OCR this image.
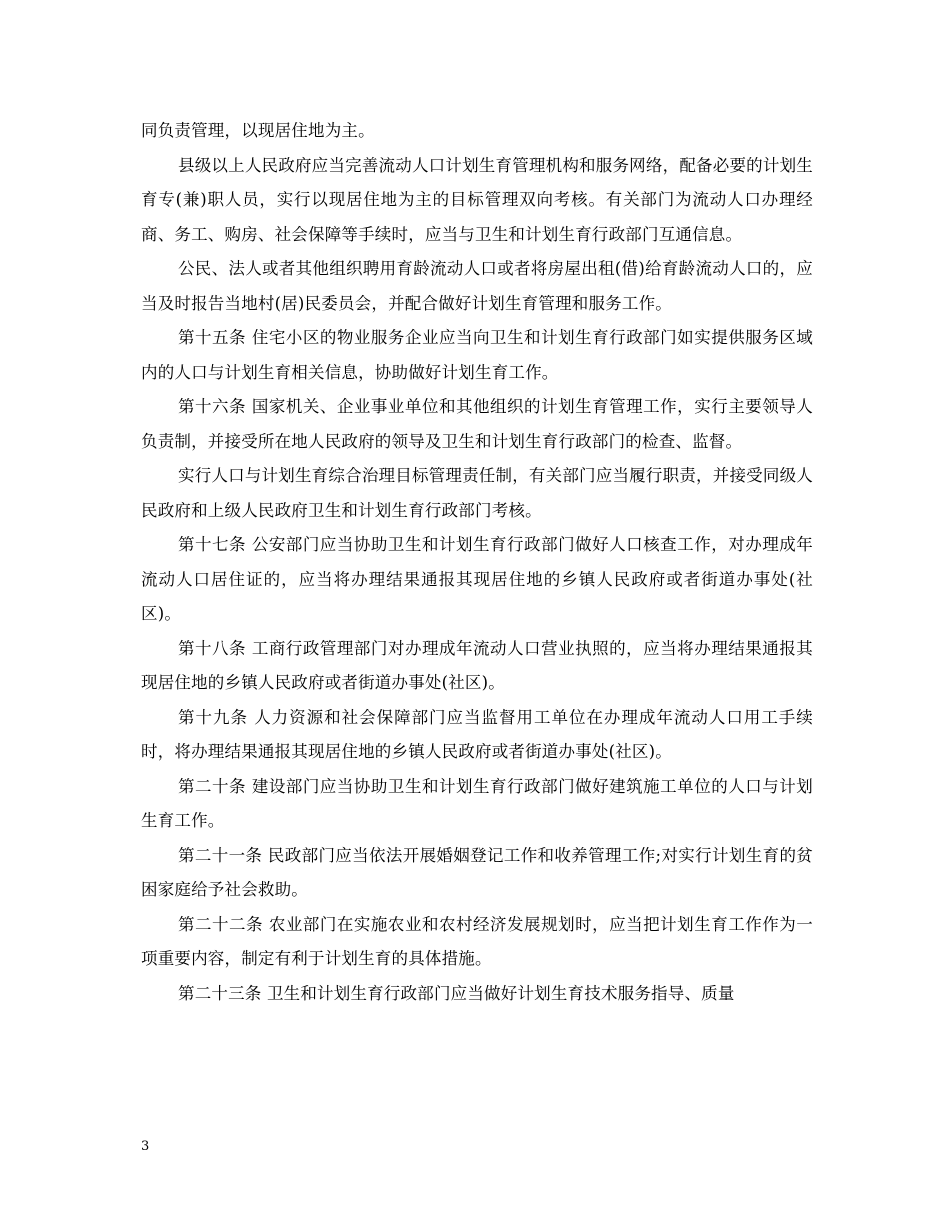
同负责管理，以现居住地为主。

县级以上人民政府应当完善流动人口计划生育管理机构和服务网络，配备必要的计划生育专(兼)职人员，实行以现居住地为主的目标管理双向考核。有关部门为流动人口办理经商、务工、购房、社会保障等手续时，应当与卫生和计划生育行政部门互通信息。

公民、法人或者其他组织聘用育龄流动人口或者将房屋出租(借)给育龄流动人口的，应当及时报告当地村(居)民委员会，并配合做好计划生育管理和服务工作。

第十五条 住宅小区的物业服务企业应当向卫生和计划生育行政部门如实提供服务区域内的人口与计划生育相关信息，协助做好计划生育工作。

第十六条 国家机关、企业事业单位和其他组织的计划生育管理工作，实行主要领导人负责制，并接受所在地人民政府的领导及卫生和计划生育行政部门的检查、监督。

实行人口与计划生育综合治理目标管理责任制，有关部门应当履行职责，并接受同级人民政府和上级人民政府卫生和计划生育行政部门考核。

第十七条 公安部门应当协助卫生和计划生育行政部门做好人口核查工作，对办理成年流动人口居住证的，应当将办理结果通报其现居住地的乡镇人民政府或者街道办事处(社区)。

第十八条 工商行政管理部门对办理成年流动人口营业执照的，应当将办理结果通报其现居住地的乡镇人民政府或者街道办事处(社区)。

第十九条 人力资源和社会保障部门应当监督用工单位在办理成年流动人口用工手续时，将办理结果通报其现居住地的乡镇人民政府或者街道办事处(社区)。

第二十条 建设部门应当协助卫生和计划生育行政部门做好建筑施工单位的人口与计划生育工作。

第二十一条 民政部门应当依法开展婚姻登记工作和收养管理工作;对实行计划生育的贫困家庭给予社会救助。

第二十二条 农业部门在实施农业和农村经济发展规划时，应当把计划生育工作作为一项重要内容，制定有利于计划生育的具体措施。

第二十三条 卫生和计划生育行政部门应当做好计划生育技术服务指导、质量

3
